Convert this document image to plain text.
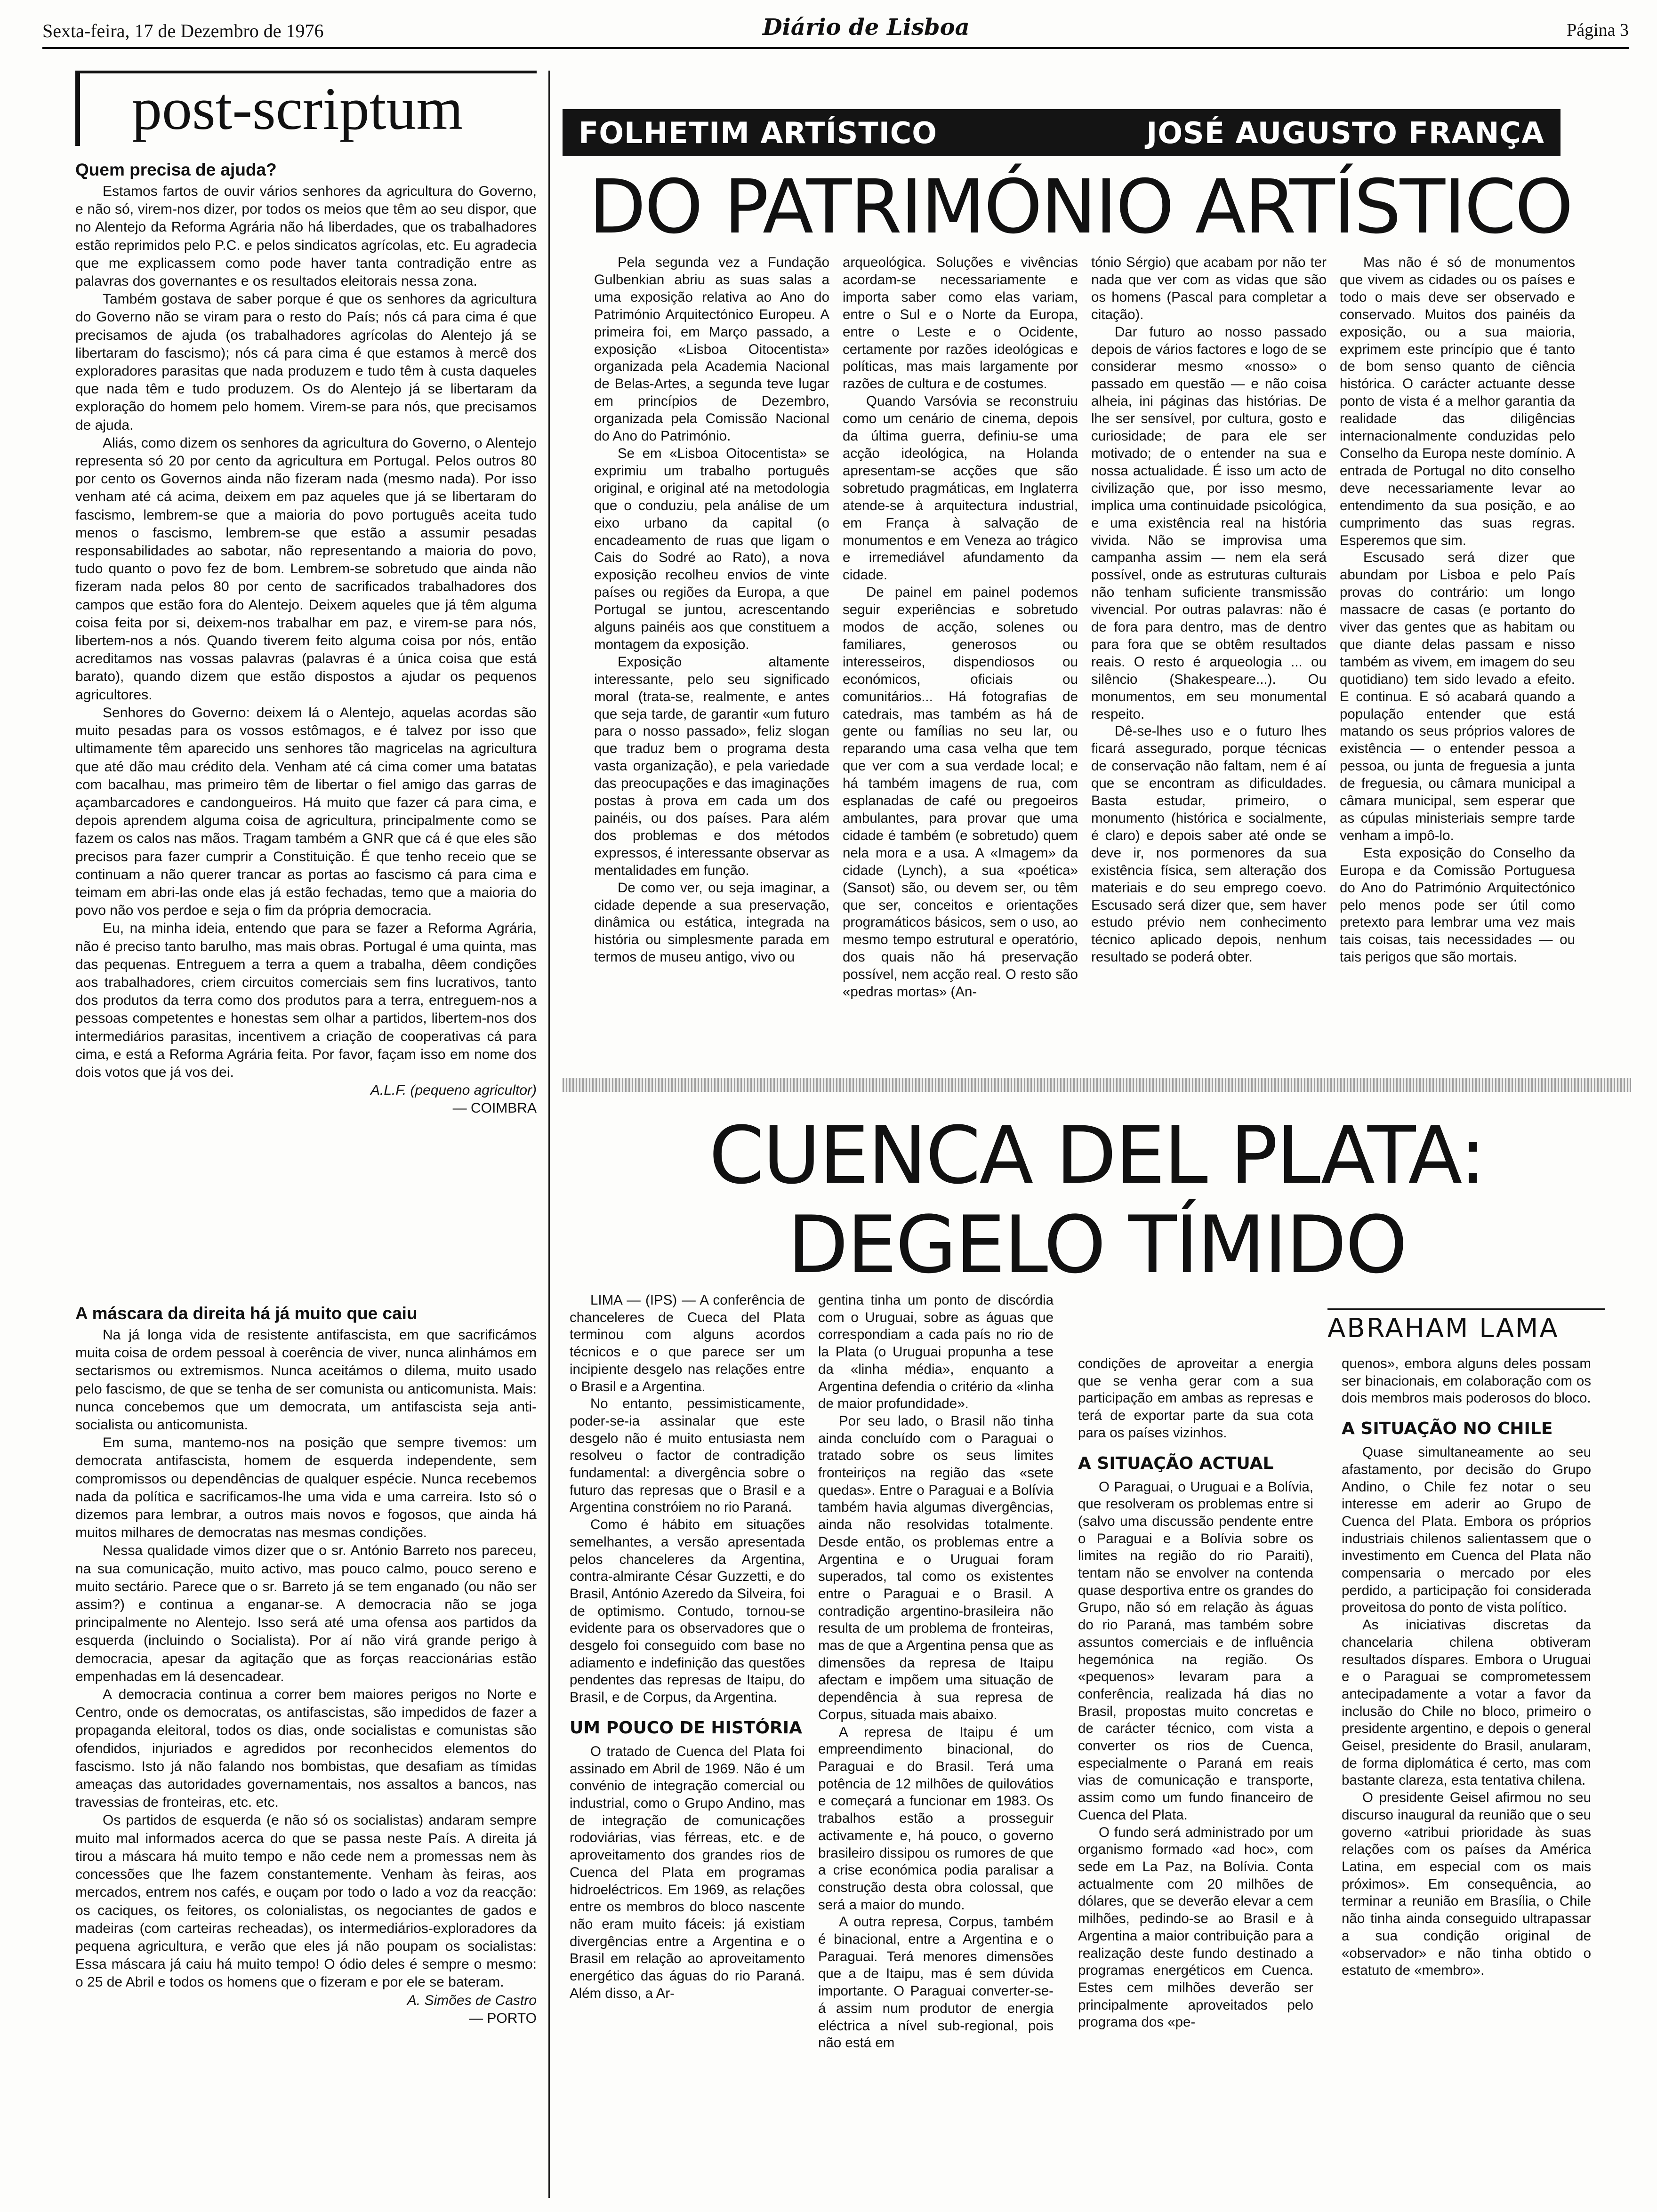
Sexta-feira, 17 de Dezembro de 1976	Diário de Lisboa	Página 3
post-scriptum
Quem precisa de ajuda?

Estamos fartos de ouvir vários senhores da agricultura do Governo, e não só, virem-nos dizer, por todos os meios que têm ao seu dispor, que no Alentejo da Reforma Agrária não há liberdades, que os trabalhadores estão reprimidos pelo P.C. e pelos sindicatos agrícolas, etc. Eu agradecia que me explicassem como pode haver tanta contradição entre as palavras dos governantes e os resultados eleitorais nessa zona.

Também gostava de saber porque é que os senhores da agricultura do Governo não se viram para o resto do País; nós cá para cima é que precisamos de ajuda (os trabalhadores agrícolas do Alentejo já se libertaram do fascismo); nós cá para cima é que estamos à mercê dos exploradores parasitas que nada produzem e tudo têm à custa daqueles que nada têm e tudo produzem. Os do Alentejo já se libertaram da exploração do homem pelo homem. Virem-se para nós, que precisamos de ajuda.

Aliás, como dizem os senhores da agricultura do Governo, o Alentejo representa só 20 por cento da agricultura em Portugal. Pelos outros 80 por cento os Governos ainda não fizeram nada (mesmo nada). Por isso venham até cá acima, deixem em paz aqueles que já se libertaram do fascismo, lembrem-se que a maioria do povo português aceita tudo menos o fascismo, lembrem-se que estão a assumir pesadas responsabilidades ao sabotar, não representando a maioria do povo, tudo quanto o povo fez de bom. Lembrem-se sobretudo que ainda não fizeram nada pelos 80 por cento de sacrificados trabalhadores dos campos que estão fora do Alentejo. Deixem aqueles que já têm alguma coisa feita por si, deixem-nos trabalhar em paz, e virem-se para nós, libertem-nos a nós. Quando tiverem feito alguma coisa por nós, então acreditamos nas vossas palavras (palavras é a única coisa que está barato), quando dizem que estão dispostos a ajudar os pequenos agricultores.

Senhores do Governo: deixem lá o Alentejo, aquelas acordas são muito pesadas para os vossos estômagos, e é talvez por isso que ultimamente têm aparecido uns senhores tão magricelas na agricultura que até dão mau crédito dela. Venham até cá cima comer uma batatas com bacalhau, mas primeiro têm de libertar o fiel amigo das garras de açambarcadores e candongueiros. Há muito que fazer cá para cima, e depois aprendem alguma coisa de agricultura, principalmente como se fazem os calos nas mãos. Tragam também a GNR que cá é que eles são precisos para fazer cumprir a Constituição. É que tenho receio que se continuam a não querer trancar as portas ao fascismo cá para cima e teimam em abri-las onde elas já estão fechadas, temo que a maioria do povo não vos perdoe e seja o fim da própria democracia.

Eu, na minha ideia, entendo que para se fazer a Reforma Agrária, não é preciso tanto barulho, mas mais obras. Portugal é uma quinta, mas das pequenas. Entreguem a terra a quem a trabalha, dêem condições aos trabalhadores, criem circuitos comerciais sem fins lucrativos, tanto dos produtos da terra como dos produtos para a terra, entreguem-nos a pessoas competentes e honestas sem olhar a partidos, libertem-nos dos intermediários parasitas, incentivem a criação de cooperativas cá para cima, e está a Reforma Agrária feita. Por favor, façam isso em nome dos dois votos que já vos dei.

A.L.F. (pequeno agricultor)
— COIMBRA
A máscara da direita há já muito que caiu

Na já longa vida de resistente antifascista, em que sacrificámos muita coisa de ordem pessoal à coerência de viver, nunca alinhámos em sectarismos ou extremismos. Nunca aceitámos o dilema, muito usado pelo fascismo, de que se tenha de ser comunista ou anticomunista. Mais: nunca concebemos que um democrata, um antifascista seja anti-socialista ou anticomunista.

Em suma, mantemo-nos na posição que sempre tivemos: um democrata antifascista, homem de esquerda independente, sem compromissos ou dependências de qualquer espécie. Nunca recebemos nada da política e sacrificamos-lhe uma vida e uma carreira. Isto só o dizemos para lembrar, a outros mais novos e fogosos, que ainda há muitos milhares de democratas nas mesmas condições.

Nessa qualidade vimos dizer que o sr. António Barreto nos pareceu, na sua comunicação, muito activo, mas pouco calmo, pouco sereno e muito sectário. Parece que o sr. Barreto já se tem enganado (ou não ser assim?) e continua a enganar-se. A democracia não se joga principalmente no Alentejo. Isso será até uma ofensa aos partidos da esquerda (incluindo o Socialista). Por aí não virá grande perigo à democracia, apesar da agitação que as forças reaccionárias estão empenhadas em lá desencadear.

A democracia continua a correr bem maiores perigos no Norte e Centro, onde os democratas, os antifascistas, são impedidos de fazer a propaganda eleitoral, todos os dias, onde socialistas e comunistas são ofendidos, injuriados e agredidos por reconhecidos elementos do fascismo. Isto já não falando nos bombistas, que desafiam as tímidas ameaças das autoridades governamentais, nos assaltos a bancos, nas travessias de fronteiras, etc. etc.

Os partidos de esquerda (e não só os socialistas) andaram sempre muito mal informados acerca do que se passa neste País. A direita já tirou a máscara há muito tempo e não cede nem a promessas nem às concessões que lhe fazem constantemente. Venham às feiras, aos mercados, entrem nos cafés, e ouçam por todo o lado a voz da reacção: os caciques, os feitores, os colonialistas, os negociantes de gados e madeiras (com carteiras recheadas), os intermediários-exploradores da pequena agricultura, e verão que eles já não poupam os socialistas: Essa máscara já caiu há muito tempo! O ódio deles é sempre o mesmo: o 25 de Abril e todos os homens que o fizeram e por ele se bateram.

A. Simões de Castro
— PORTO
FOLHETIM ARTÍSTICO	JOSÉ AUGUSTO FRANÇA
DO PATRIMÓNIO ARTÍSTICO

Pela segunda vez a Fundação Gulbenkian abriu as suas salas a uma exposição relativa ao Ano do Património Arquitectónico Europeu. A primeira foi, em Março passado, a exposição «Lisboa Oitocentista» organizada pela Academia Nacional de Belas-Artes, a segunda teve lugar em princípios de Dezembro, organizada pela Comissão Nacional do Ano do Património.

Se em «Lisboa Oitocentista» se exprimiu um trabalho português original, e original até na metodologia que o conduziu, pela análise de um eixo urbano da capital (o encadeamento de ruas que ligam o Cais do Sodré ao Rato), a nova exposição recolheu envios de vinte países ou regiões da Europa, a que Portugal se juntou, acrescentando alguns painéis aos que constituem a montagem da exposição.

Exposição altamente interessante, pelo seu significado moral (trata-se, realmente, e antes que seja tarde, de garantir «um futuro para o nosso passado», feliz slogan que traduz bem o programa desta vasta organização), e pela variedade das preocupações e das imaginações postas à prova em cada um dos painéis, ou dos países. Para além dos problemas e dos métodos expressos, é interessante observar as mentalidades em função.

De como ver, ou seja imaginar, a cidade depende a sua preservação, dinâmica ou estática, integrada na história ou simplesmente parada em termos de museu antigo, vivo ou

arqueológica. Soluções e vivências acordam-se necessariamente e importa saber como elas variam, entre o Sul e o Norte da Europa, entre o Leste e o Ocidente, certamente por razões ideológicas e políticas, mas mais largamente por razões de cultura e de costumes.

Quando Varsóvia se reconstruiu como um cenário de cinema, depois da última guerra, definiu-se uma acção ideológica, na Holanda apresentam-se acções que são sobretudo pragmáticas, em Inglaterra atende-se à arquitectura industrial, em França à salvação de monumentos e em Veneza ao trágico e irremediável afundamento da cidade.

De painel em painel podemos seguir experiências e sobretudo modos de acção, solenes ou familiares, generosos ou interesseiros, dispendiosos ou económicos, oficiais ou comunitários... Há fotografias de catedrais, mas também as há de gente ou famílias no seu lar, ou reparando uma casa velha que tem que ver com a sua verdade local; e há também imagens de rua, com esplanadas de café ou pregoeiros ambulantes, para provar que uma cidade é também (e sobretudo) quem nela mora e a usa. A «Imagem» da cidade (Lynch), a sua «poética» (Sansot) são, ou devem ser, ou têm que ser, conceitos e orientações programáticos básicos, sem o uso, ao mesmo tempo estrutural e operatório, dos quais não há preservação possível, nem acção real. O resto são «pedras mortas» (An-

tónio Sérgio) que acabam por não ter nada que ver com as vidas que são os homens (Pascal para completar a citação).

Dar futuro ao nosso passado depois de vários factores e logo de se considerar mesmo «nosso» o passado em questão — e não coisa alheia, ini páginas das histórias. De lhe ser sensível, por cultura, gosto e curiosidade; de para ele ser motivado; de o entender na sua e nossa actualidade. É isso um acto de civilização que, por isso mesmo, implica uma continuidade psicológica, e uma existência real na história vivida. Não se improvisa uma campanha assim — nem ela será possível, onde as estruturas culturais não tenham suficiente transmissão vivencial. Por outras palavras: não é de fora para dentro, mas de dentro para fora que se obtêm resultados reais. O resto é arqueologia ... ou silêncio (Shakespeare...). Ou monumentos, em seu monumental respeito.

Dê-se-lhes uso e o futuro lhes ficará assegurado, porque técnicas de conservação não faltam, nem é aí que se encontram as dificuldades. Basta estudar, primeiro, o monumento (histórica e socialmente, é claro) e depois saber até onde se deve ir, nos pormenores da sua existência física, sem alteração dos materiais e do seu emprego coevo. Escusado será dizer que, sem haver estudo prévio nem conhecimento técnico aplicado depois, nenhum resultado se poderá obter.

Mas não é só de monumentos que vivem as cidades ou os países e todo o mais deve ser observado e conservado. Muitos dos painéis da exposição, ou a sua maioria, exprimem este princípio que é tanto de bom senso quanto de ciência histórica. O carácter actuante desse ponto de vista é a melhor garantia da realidade das diligências internacionalmente conduzidas pelo Conselho da Europa neste domínio. A entrada de Portugal no dito conselho deve necessariamente levar ao entendimento da sua posição, e ao cumprimento das suas regras. Esperemos que sim.

Escusado será dizer que abundam por Lisboa e pelo País provas do contrário: um longo massacre de casas (e portanto do viver das gentes que as habitam ou que diante delas passam e nisso também as vivem, em imagem do seu quotidiano) tem sido levado a efeito. E continua. E só acabará quando a população entender que está matando os seus próprios valores de existência — o entender pessoa a pessoa, ou junta de freguesia a junta de freguesia, ou câmara municipal a câmara municipal, sem esperar que as cúpulas ministeriais sempre tarde venham a impô-lo.

Esta exposição do Conselho da Europa e da Comissão Portuguesa do Ano do Património Arquitectónico pelo menos pode ser útil como pretexto para lembrar uma vez mais tais coisas, tais necessidades — ou tais perigos que são mortais.

CUENCA DEL PLATA:
DEGELO TÍMIDO
ABRAHAM LAMA

LIMA — (IPS) — A conferência de chanceleres de Cueca del Plata terminou com alguns acordos técnicos e o que parece ser um incipiente desgelo nas relações entre o Brasil e a Argentina.

No entanto, pessimisticamente, poder-se-ia assinalar que este desgelo não é muito entusiasta nem resolveu o factor de contradição fundamental: a divergência sobre o futuro das represas que o Brasil e a Argentina constróiem no rio Paraná.

Como é hábito em situações semelhantes, a versão apresentada pelos chanceleres da Argentina, contra-almirante César Guzzetti, e do Brasil, António Azeredo da Silveira, foi de optimismo. Contudo, tornou-se evidente para os observadores que o desgelo foi conseguido com base no adiamento e indefinição das questões pendentes das represas de Itaipu, do Brasil, e de Corpus, da Argentina.

UM POUCO DE HISTÓRIA

O tratado de Cuenca del Plata foi assinado em Abril de 1969. Não é um convénio de integração comercial ou industrial, como o Grupo Andino, mas de integração de comunicações rodoviárias, vias férreas, etc. e de aproveitamento dos grandes rios de Cuenca del Plata em programas hidroeléctricos. Em 1969, as relações entre os membros do bloco nascente não eram muito fáceis: já existiam divergências entre a Argentina e o Brasil em relação ao aproveitamento energético das águas do rio Paraná. Além disso, a Ar-

gentina tinha um ponto de discórdia com o Uruguai, sobre as águas que correspondiam a cada país no rio de la Plata (o Uruguai propunha a tese da «linha média», enquanto a Argentina defendia o critério da «linha de maior profundidade».

Por seu lado, o Brasil não tinha ainda concluído com o Paraguai o tratado sobre os seus limites fronteiriços na região das «sete quedas». Entre o Paraguai e a Bolívia também havia algumas divergências, ainda não resolvidas totalmente. Desde então, os problemas entre a Argentina e o Uruguai foram superados, tal como os existentes entre o Paraguai e o Brasil. A contradição argentino-brasileira não resulta de um problema de fronteiras, mas de que a Argentina pensa que as dimensões da represa de Itaipu afectam e impõem uma situação de dependência à sua represa de Corpus, situada mais abaixo.

A represa de Itaipu é um empreendimento binacional, do Paraguai e do Brasil. Terá uma potência de 12 milhões de quilovátios e começará a funcionar em 1983. Os trabalhos estão a prosseguir activamente e, há pouco, o governo brasileiro dissipou os rumores de que a crise económica podia paralisar a construção desta obra colossal, que será a maior do mundo.

A outra represa, Corpus, também é binacional, entre a Argentina e o Paraguai. Terá menores dimensões que a de Itaipu, mas é sem dúvida importante. O Paraguai converter-se-á assim num produtor de energia eléctrica a nível sub-regional, pois não está em

condições de aproveitar a energia que se venha gerar com a sua participação em ambas as represas e terá de exportar parte da sua cota para os países vizinhos.

A SITUAÇÃO ACTUAL

O Paraguai, o Uruguai e a Bolívia, que resolveram os problemas entre si (salvo uma discussão pendente entre o Paraguai e a Bolívia sobre os limites na região do rio Paraiti), tentam não se envolver na contenda quase desportiva entre os grandes do Grupo, não só em relação às águas do rio Paraná, mas também sobre assuntos comerciais e de influência hegemónica na região. Os «pequenos» levaram para a conferência, realizada há dias no Brasil, propostas muito concretas e de carácter técnico, com vista a converter os rios de Cuenca, especialmente o Paraná em reais vias de comunicação e transporte, assim como um fundo financeiro de Cuenca del Plata.

O fundo será administrado por um organismo formado «ad hoc», com sede em La Paz, na Bolívia. Conta actualmente com 20 milhões de dólares, que se deverão elevar a cem milhões, pedindo-se ao Brasil e à Argentina a maior contribuição para a realização deste fundo destinado a programas energéticos em Cuenca. Estes cem milhões deverão ser principalmente aproveitados pelo programa dos «pe-

quenos», embora alguns deles possam ser binacionais, em colaboração com os dois membros mais poderosos do bloco.

A SITUAÇÃO NO CHILE

Quase simultaneamente ao seu afastamento, por decisão do Grupo Andino, o Chile fez notar o seu interesse em aderir ao Grupo de Cuenca del Plata. Embora os próprios industriais chilenos salientassem que o investimento em Cuenca del Plata não compensaria o mercado por eles perdido, a participação foi considerada proveitosa do ponto de vista político.

As iniciativas discretas da chancelaria chilena obtiveram resultados díspares. Embora o Uruguai e o Paraguai se comprometessem antecipadamente a votar a favor da inclusão do Chile no bloco, primeiro o presidente argentino, e depois o general Geisel, presidente do Brasil, anularam, de forma diplomática é certo, mas com bastante clareza, esta tentativa chilena.

O presidente Geisel afirmou no seu discurso inaugural da reunião que o seu governo «atribui prioridade às suas relações com os países da América Latina, em especial com os mais próximos». Em consequência, ao terminar a reunião em Brasília, o Chile não tinha ainda conseguido ultrapassar a sua condição original de «observador» e não tinha obtido o estatuto de «membro».
